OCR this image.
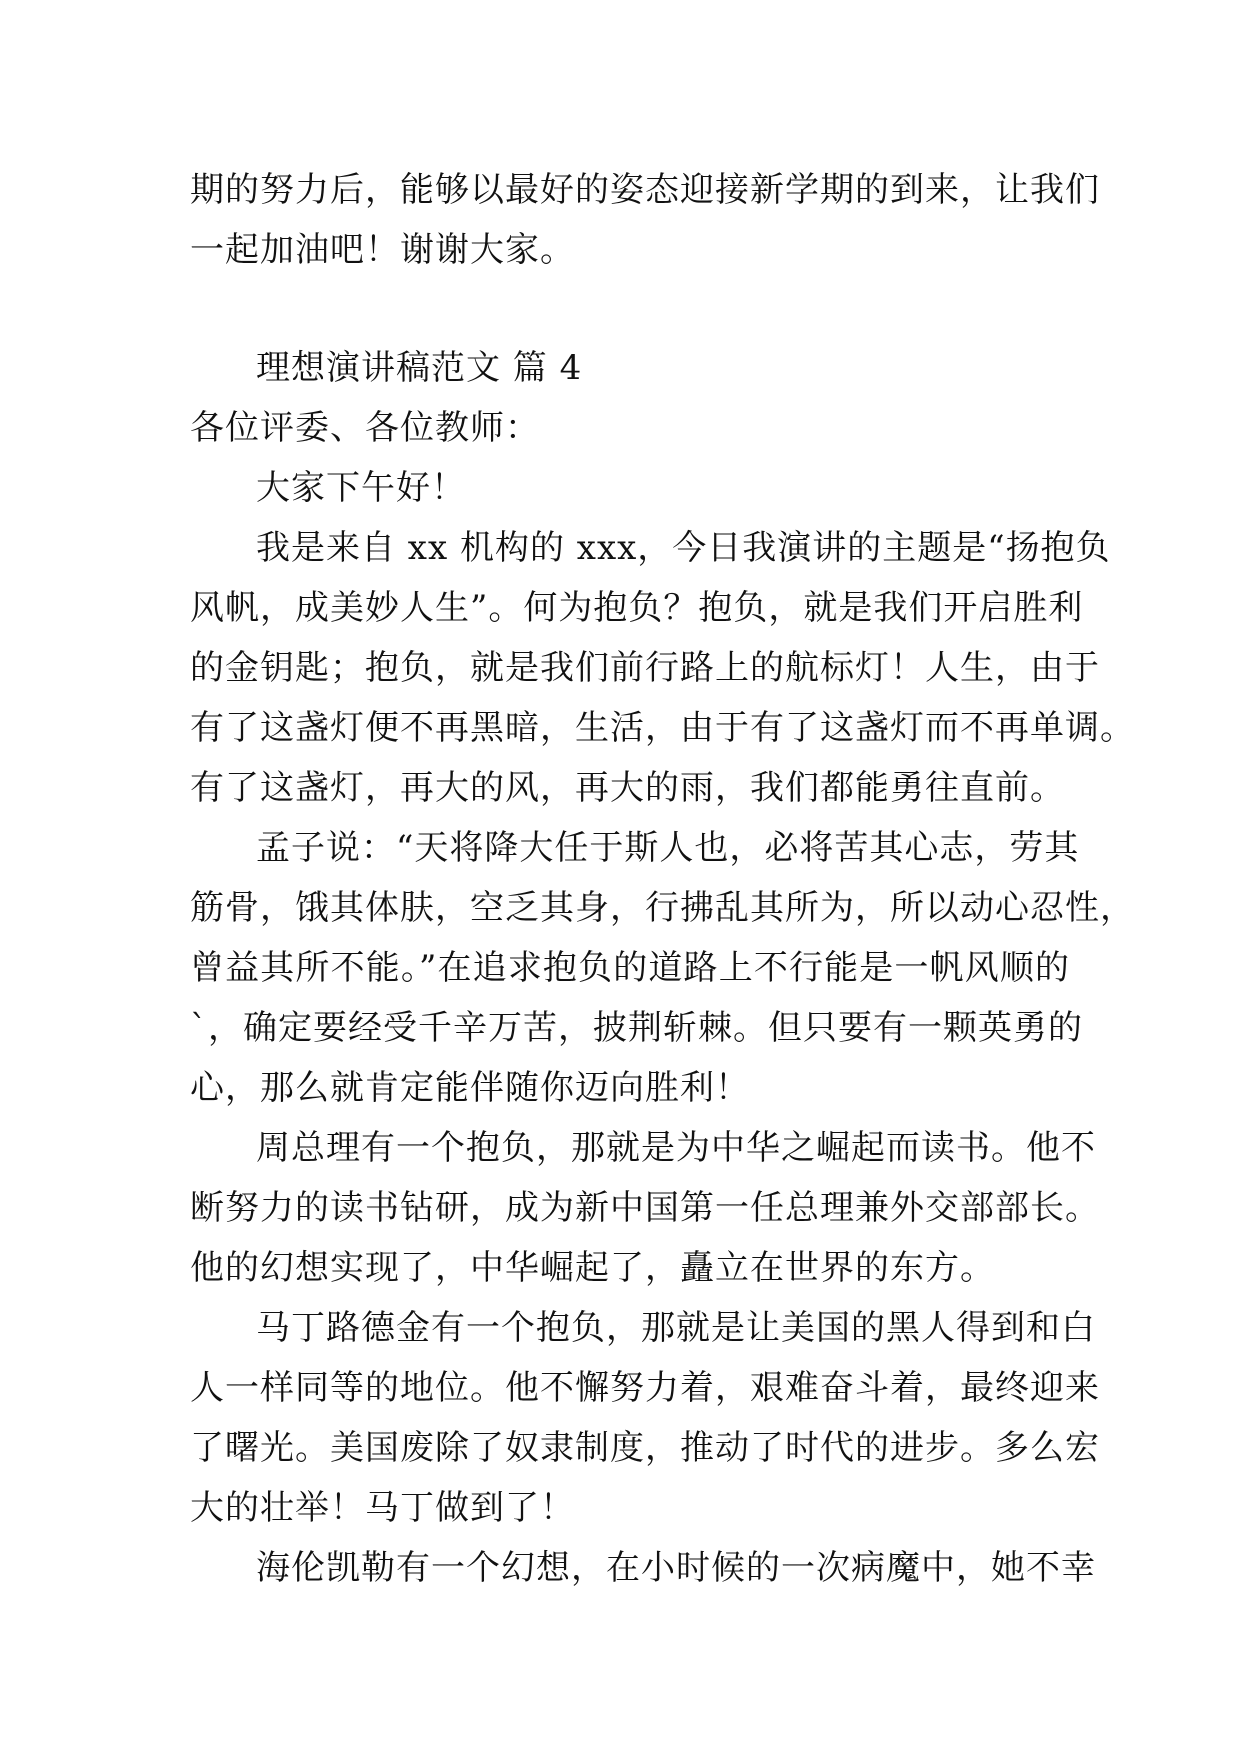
期的努力后，能够以最好的姿态迎接新学期的到来，让我们
一起加油吧！谢谢大家。
理想演讲稿范文 篇 4
各位评委、各位教师：
大家下午好！
我是来自 xx 机构的 xxx，今日我演讲的主题是“扬抱负
风帆，成美妙人生”。何为抱负？抱负，就是我们开启胜利
的金钥匙；抱负，就是我们前行路上的航标灯！人生，由于
有了这盏灯便不再黑暗，生活，由于有了这盏灯而不再单调。
有了这盏灯，再大的风，再大的雨，我们都能勇往直前。
孟子说：“天将降大任于斯人也，必将苦其心志，劳其
筋骨，饿其体肤，空乏其身，行拂乱其所为，所以动心忍性，
曾益其所不能。”在追求抱负的道路上不行能是一帆风顺的
`，确定要经受千辛万苦，披荆斩棘。但只要有一颗英勇的
心，那么就肯定能伴随你迈向胜利！
周总理有一个抱负，那就是为中华之崛起而读书。他不
断努力的读书钻研，成为新中国第一任总理兼外交部部长。
他的幻想实现了，中华崛起了，矗立在世界的东方。
马丁路德金有一个抱负，那就是让美国的黑人得到和白
人一样同等的地位。他不懈努力着，艰难奋斗着，最终迎来
了曙光。美国废除了奴隶制度，推动了时代的进步。多么宏
大的壮举！马丁做到了！
海伦凯勒有一个幻想，在小时候的一次病魔中，她不幸
